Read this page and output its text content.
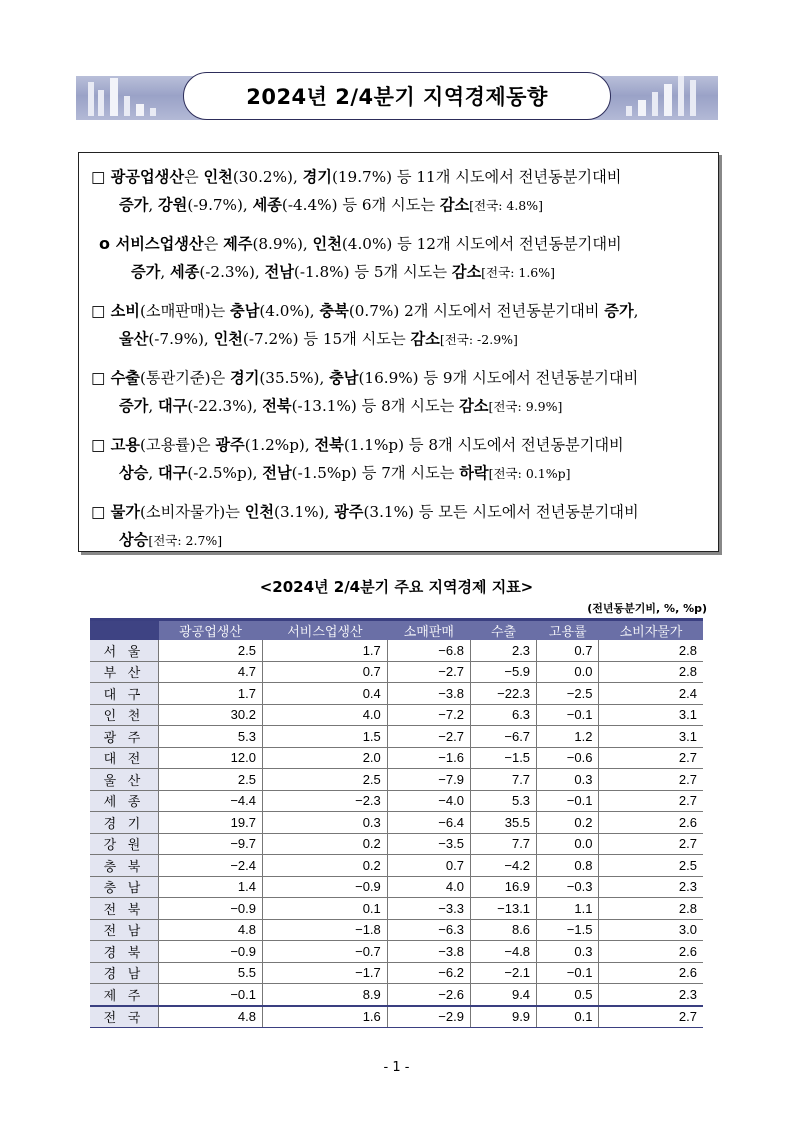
2024년 2/4분기 지역경제동향
□ 광공업생산은 인천(30.2%), 경기(19.7%) 등 11개 시도에서 전년동분기대비
증가, 강원(-9.7%), 세종(-4.4%) 등 6개 시도는 감소[전국: 4.8%]
o 서비스업생산은 제주(8.9%), 인천(4.0%) 등 12개 시도에서 전년동분기대비
증가, 세종(-2.3%), 전남(-1.8%) 등 5개 시도는 감소[전국: 1.6%]
□ 소비(소매판매)는 충남(4.0%), 충북(0.7%) 2개 시도에서 전년동분기대비 증가,
울산(-7.9%), 인천(-7.2%) 등 15개 시도는 감소[전국: -2.9%]
□ 수출(통관기준)은 경기(35.5%), 충남(16.9%) 등 9개 시도에서 전년동분기대비
증가, 대구(-22.3%), 전북(-13.1%) 등 8개 시도는 감소[전국: 9.9%]
□ 고용(고용률)은 광주(1.2%p), 전북(1.1%p) 등 8개 시도에서 전년동분기대비
상승, 대구(-2.5%p), 전남(-1.5%p) 등 7개 시도는 하락[전국: 0.1%p]
□ 물가(소비자물가)는 인천(3.1%), 광주(3.1%) 등 모든 시도에서 전년동분기대비
상승[전국: 2.7%]
<2024년 2/4분기 주요 지역경제 지표>
(전년동분기비, %, %p)
	광공업생산	서비스업생산	소매판매	수출	고용률	소비자물가
서 울	2.5	1.7	−6.8	2.3	0.7	2.8
부 산	4.7	0.7	−2.7	−5.9	0.0	2.8
대 구	1.7	0.4	−3.8	−22.3	−2.5	2.4
인 천	30.2	4.0	−7.2	6.3	−0.1	3.1
광 주	5.3	1.5	−2.7	−6.7	1.2	3.1
대 전	12.0	2.0	−1.6	−1.5	−0.6	2.7
울 산	2.5	2.5	−7.9	7.7	0.3	2.7
세 종	−4.4	−2.3	−4.0	5.3	−0.1	2.7
경 기	19.7	0.3	−6.4	35.5	0.2	2.6
강 원	−9.7	0.2	−3.5	7.7	0.0	2.7
충 북	−2.4	0.2	0.7	−4.2	0.8	2.5
충 남	1.4	−0.9	4.0	16.9	−0.3	2.3
전 북	−0.9	0.1	−3.3	−13.1	1.1	2.8
전 남	4.8	−1.8	−6.3	8.6	−1.5	3.0
경 북	−0.9	−0.7	−3.8	−4.8	0.3	2.6
경 남	5.5	−1.7	−6.2	−2.1	−0.1	2.6
제 주	−0.1	8.9	−2.6	9.4	0.5	2.3
전 국	4.8	1.6	−2.9	9.9	0.1	2.7
- 1 -
